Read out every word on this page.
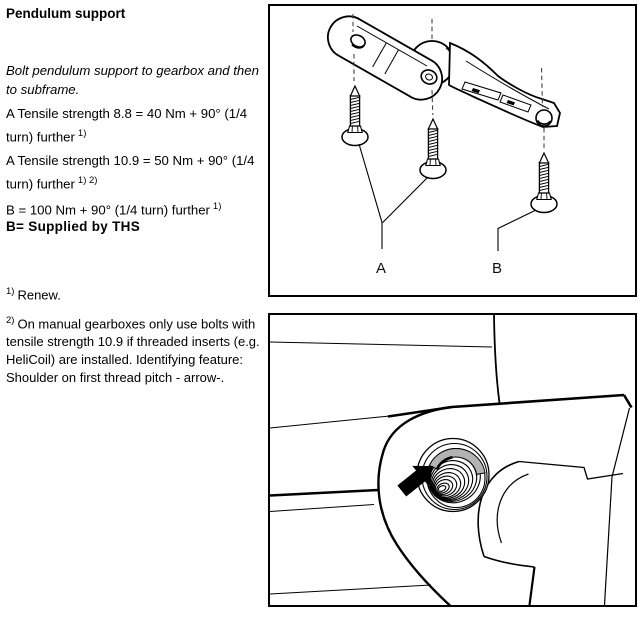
Pendulum support

Bolt pendulum support to gearbox and then to subframe.

A Tensile strength 8.8 = 40 Nm + 90° (1/4 turn) further $^{1)}$

A Tensile strength 10.9 = 50 Nm + 90° (1/4 turn) further $^{1) 2)}$

B = 100 Nm + 90° (1/4 turn) further $^{1)}$

B= Supplied by THS

$^{1)}$ Renew.

$^{2)}$ On manual gearboxes only use bolts with tensile strength 10.9 if threaded inserts (e.g. HeliCoil) are installed. Identifying feature: Shoulder on first thread pitch - arrow-.

A	B
